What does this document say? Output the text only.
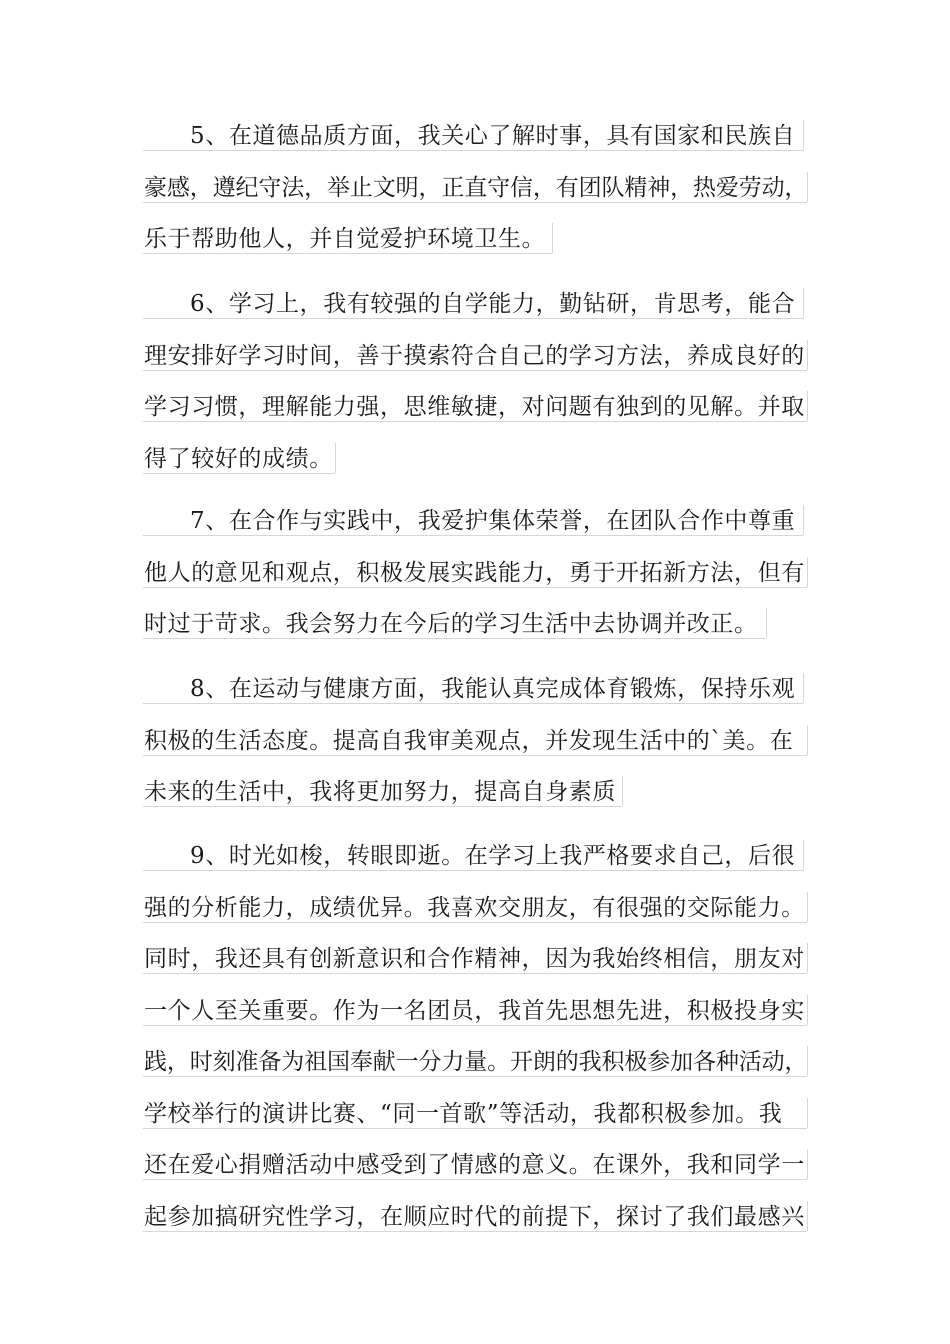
5、在道德品质方面，我关心了解时事，具有国家和民族自
豪感，遵纪守法，举止文明，正直守信，有团队精神，热爱劳动，
乐于帮助他人，并自觉爱护环境卫生。
6、学习上，我有较强的自学能力，勤钻研，肯思考，能合
理安排好学习时间，善于摸索符合自己的学习方法，养成良好的
学习习惯，理解能力强，思维敏捷，对问题有独到的见解。并取
得了较好的成绩。
7、在合作与实践中，我爱护集体荣誉，在团队合作中尊重
他人的意见和观点，积极发展实践能力，勇于开拓新方法，但有
时过于苛求。我会努力在今后的学习生活中去协调并改正。
8、在运动与健康方面，我能认真完成体育锻炼，保持乐观
积极的生活态度。提高自我审美观点，并发现生活中的`美。在
未来的生活中，我将更加努力，提高自身素质
9、时光如梭，转眼即逝。在学习上我严格要求自己，后很
强的分析能力，成绩优异。我喜欢交朋友，有很强的交际能力。
同时，我还具有创新意识和合作精神，因为我始终相信，朋友对
一个人至关重要。作为一名团员，我首先思想先进，积极投身实
践，时刻准备为祖国奉献一分力量。开朗的我积极参加各种活动，
学校举行的演讲比赛、“同一首歌”等活动，我都积极参加。我
还在爱心捐赠活动中感受到了情感的意义。在课外，我和同学一
起参加搞研究性学习，在顺应时代的前提下，探讨了我们最感兴
